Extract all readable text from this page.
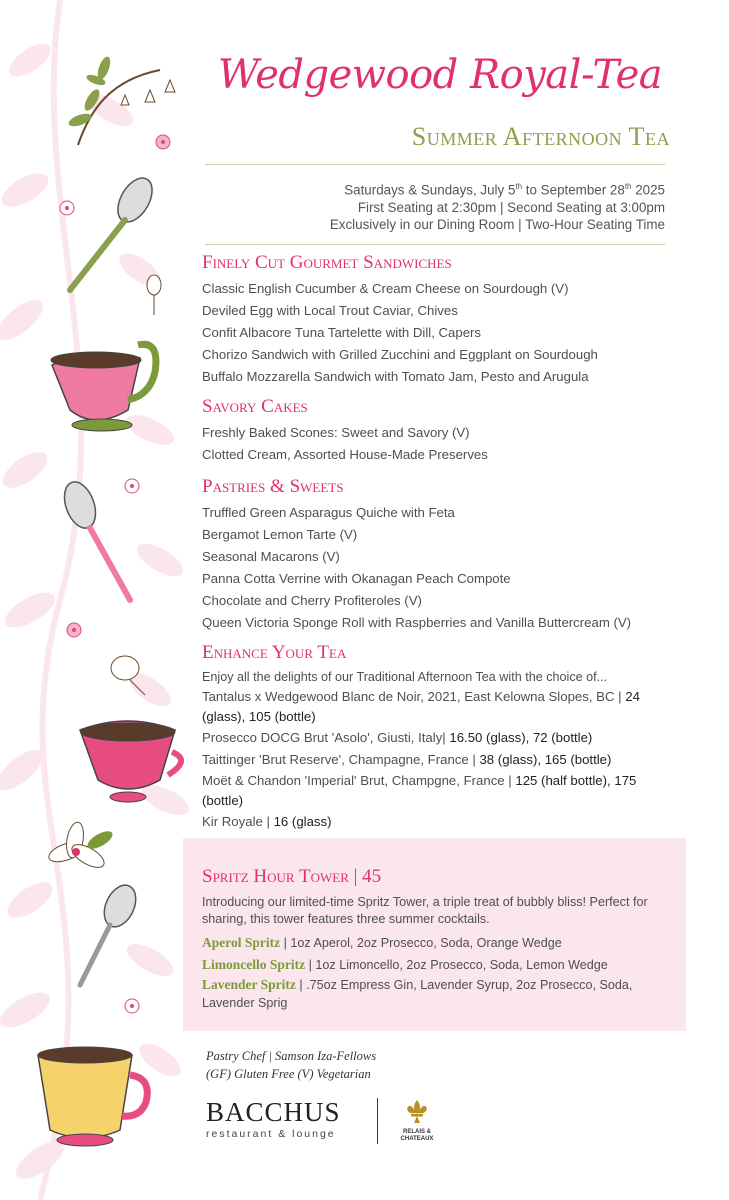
Wedgewood Royal-Tea
Summer Afternoon Tea
Saturdays & Sundays, July 5th to September 28th 2025
First Seating at 2:30pm | Second Seating at 3:00pm
Exclusively in our Dining Room | Two-Hour Seating Time
Finely Cut Gourmet Sandwiches
Classic English Cucumber & Cream Cheese on Sourdough (V)
Deviled Egg with Local Trout Caviar, Chives
Confit Albacore Tuna Tartelette with Dill, Capers
Chorizo Sandwich with Grilled Zucchini and Eggplant on Sourdough
Buffalo Mozzarella Sandwich with Tomato Jam, Pesto and Arugula
Savory Cakes
Freshly Baked Scones: Sweet and Savory (V)
Clotted Cream, Assorted House-Made Preserves
Pastries & Sweets
Truffled Green Asparagus Quiche with Feta
Bergamot Lemon Tarte (V)
Seasonal Macarons (V)
Panna Cotta Verrine with Okanagan Peach Compote
Chocolate and Cherry Profiteroles (V)
Queen Victoria Sponge Roll with Raspberries and Vanilla Buttercream (V)
Enhance Your Tea
Enjoy all the delights of our Traditional Afternoon Tea with the choice of...
Tantalus x Wedgewood Blanc de Noir, 2021, East Kelowna Slopes, BC | 24 (glass), 105 (bottle)
Prosecco DOCG Brut 'Asolo', Giusti, Italy| 16.50 (glass), 72 (bottle)
Taittinger 'Brut Reserve', Champagne, France | 38 (glass), 165 (bottle)
Moët & Chandon 'Imperial' Brut, Champgne, France | 125 (half bottle), 175 (bottle)
Kir Royale | 16 (glass)
Spritz Hour Tower | 45
Introducing our limited-time Spritz Tower, a triple treat of bubbly bliss! Perfect for sharing, this tower features three summer cocktails.
Aperol Spritz | 1oz Aperol, 2oz Prosecco, Soda, Orange Wedge
Limoncello Spritz | 1oz Limoncello, 2oz Prosecco, Soda, Lemon Wedge
Lavender Spritz | .75oz Empress Gin, Lavender Syrup, 2oz Prosecco, Soda, Lavender Sprig
Pastry Chef | Samson Iza-Fellows
(GF) Gluten Free (V) Vegetarian
BACCHUS
restaurant & lounge	RELAIS &
CHATEAUX
